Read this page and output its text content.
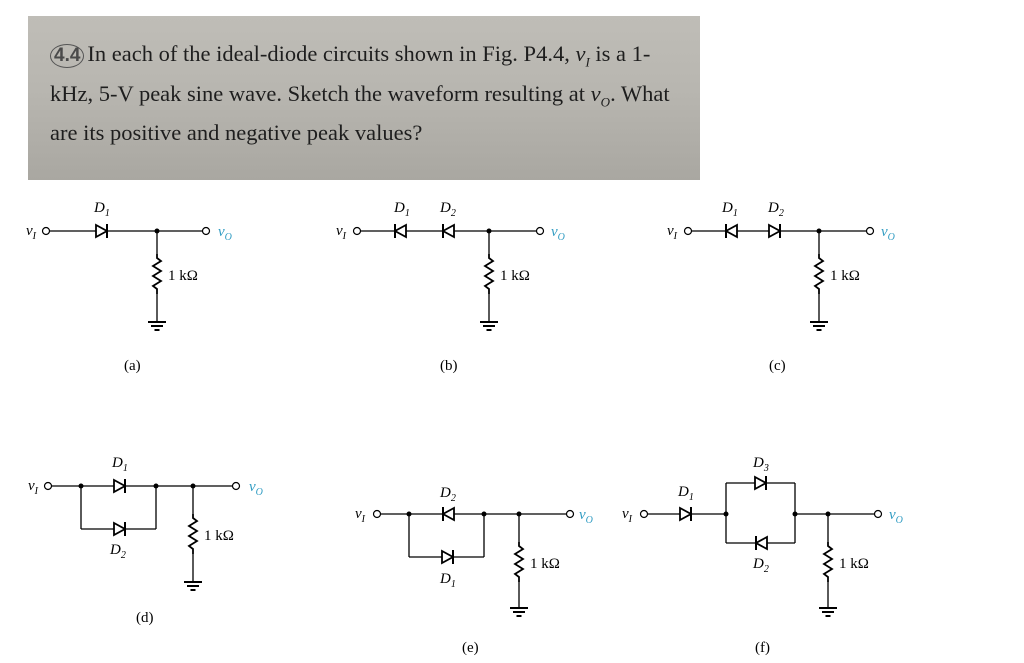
4.4 In each of the ideal-diode circuits shown in Fig. P4.4, $v_I$ is a 1-kHz, 5-V peak sine wave. Sketch the waveform resulting at $v_O$. What are its positive and negative peak values?
$v_I$
$D_1$
$v_O$
1 kΩ
(a)
$v_I$
$D_1$ $D_2$
$v_O$
1 kΩ
(b)
$v_I$
$D_1$ $D_2$
$v_O$
1 kΩ
(c)
$v_I$
$D_1$
$D_2$
$v_O$
1 kΩ
(d)
$v_I$
$D_2$
$D_1$
$v_O$
1 kΩ
(e)
$v_I$
$D_1$
$D_3$
$D_2$
$v_O$
1 kΩ
(f)
